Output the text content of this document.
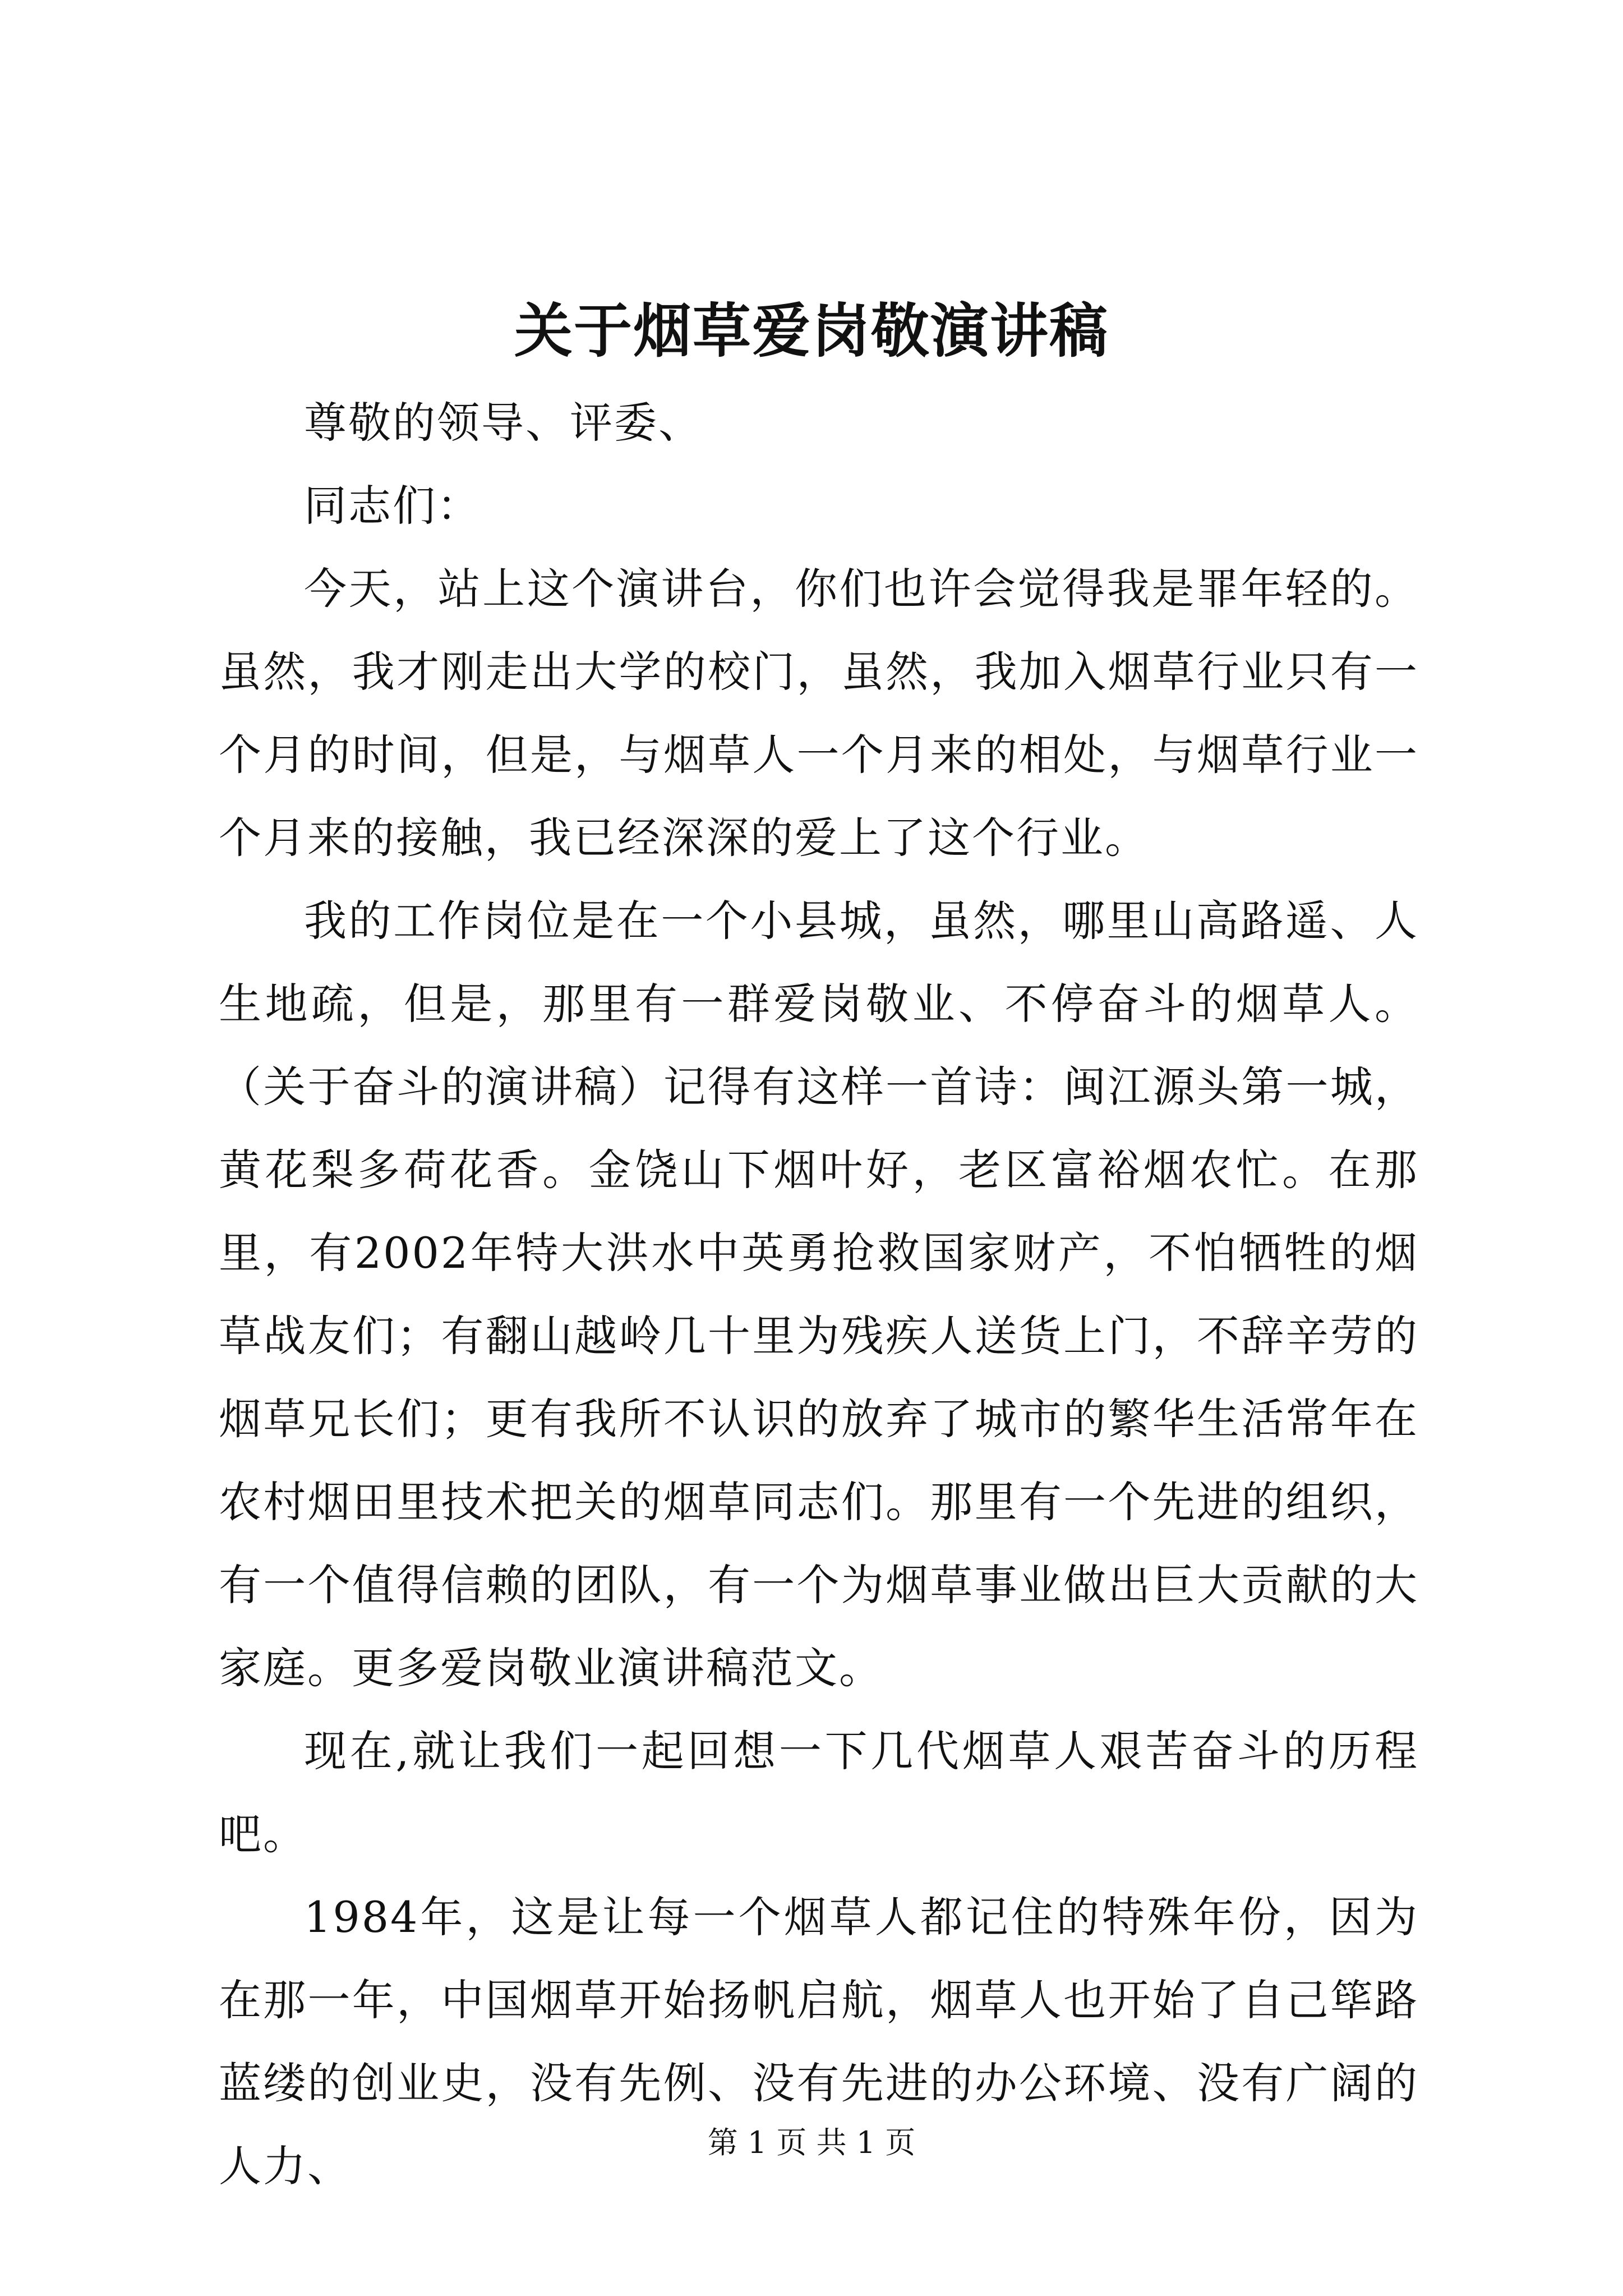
关于烟草爱岗敬演讲稿

尊敬的领导、评委、

同志们：

今天，站上这个演讲台，你们也许会觉得我是罪年轻的。虽然，我才刚走出大学的校门，虽然，我加入烟草行业只有一个月的时间，但是，与烟草人一个月来的相处，与烟草行业一个月来的接触，我已经深深的爱上了这个行业。

我的工作岗位是在一个小县城，虽然，哪里山高路遥、人生地疏，但是，那里有一群爱岗敬业、不停奋斗的烟草人。（关于奋斗的演讲稿）记得有这样一首诗：闽江源头第一城，黄花梨多荷花香。金饶山下烟叶好，老区富裕烟农忙。在那里，有2002年特大洪水中英勇抢救国家财产，不怕牺牲的烟草战友们；有翻山越岭几十里为残疾人送货上门，不辞辛劳的烟草兄长们；更有我所不认识的放弃了城市的繁华生活常年在农村烟田里技术把关的烟草同志们。那里有一个先进的组织，有一个值得信赖的团队，有一个为烟草事业做出巨大贡献的大家庭。更多爱岗敬业演讲稿范文。

现在,就让我们一起回想一下几代烟草人艰苦奋斗的历程吧。

1984年，这是让每一个烟草人都记住的特殊年份，因为在那一年，中国烟草开始扬帆启航，烟草人也开始了自己筚路蓝缕的创业史，没有先例、没有先进的办公环境、没有广阔的人力、	第 1 页 共 1 页
